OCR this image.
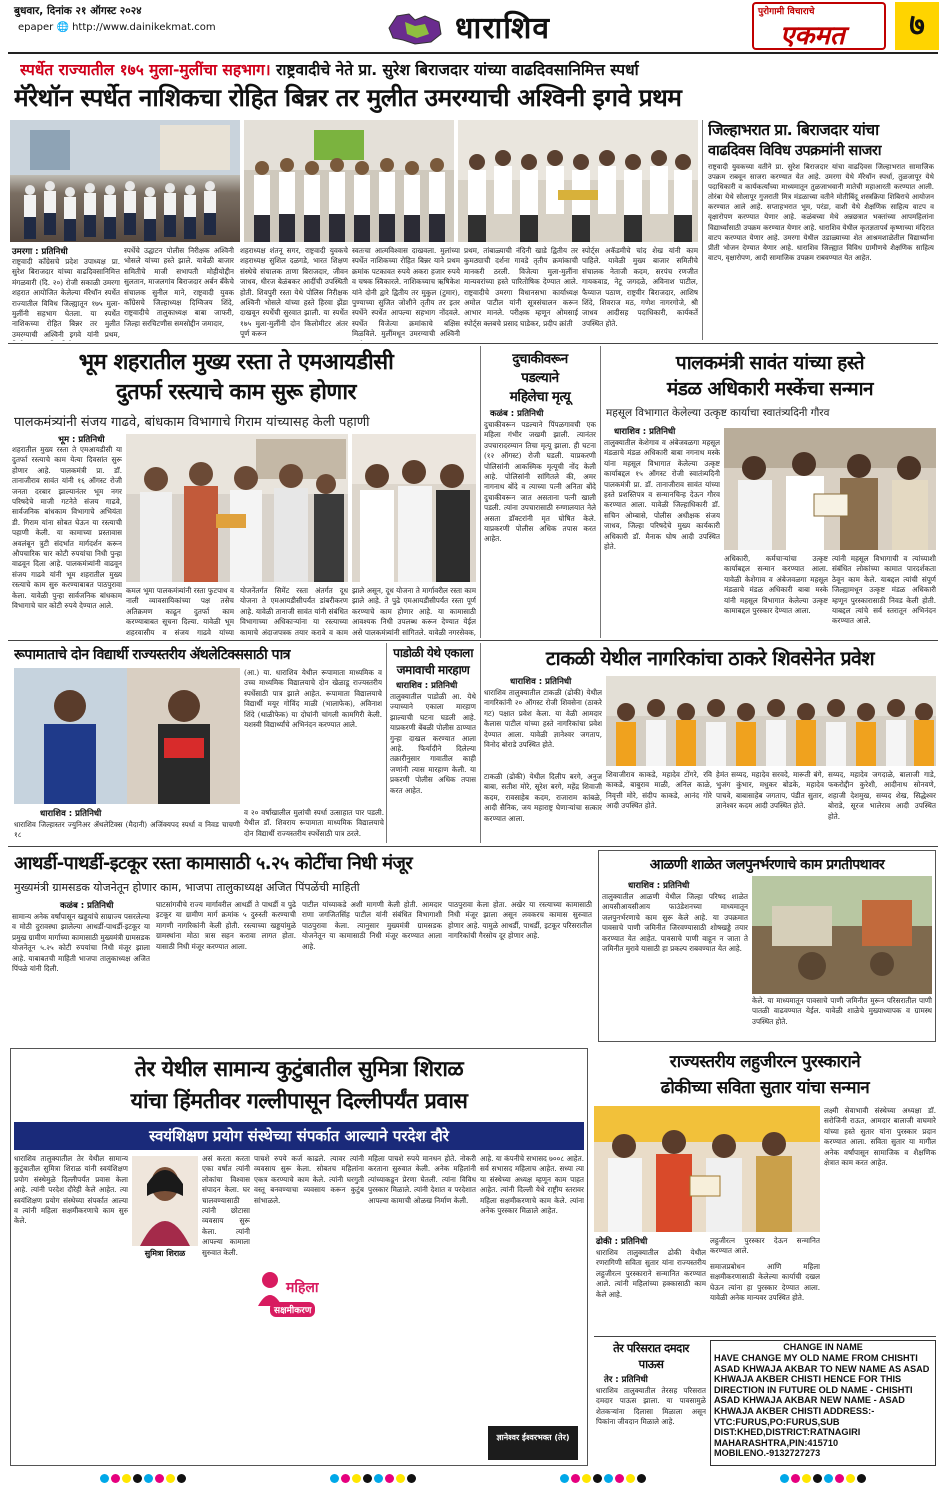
बुधवार, दिनांक २१ ऑगस्ट २०२४
epaper 🌐 http://www.dainikekmat.com	धाराशिव	पुरोगामी विचाराचे
एकमत	७
स्पर्धेत राज्यातील १७५ मुला-मुलींचा सहभाग। राष्ट्रवादीचे नेते प्रा. सुरेश बिराजदार यांच्या वाढदिवसानिमित्त स्पर्धा
मॅरेथॉन स्पर्धेत नाशिकचा रोहित बिन्नर तर मुलीत उमरग्याची अश्विनी इगवे प्रथम
जिल्हाभरात प्रा. बिराजदार यांचा
वाढदिवस विविध उपक्रमांनी साजरा
राष्ट्रवादी युवकच्या वतीने प्रा. सुरेश बिराजदार यांचा वाढदिवस जिल्हाभरात सामाजिक उपक्रम राबवून साजरा करण्यात येत आहे. उमरगा येथे मॅरेथॉन स्पर्धा, तुळजापूर येथे पदाधिकारी व कार्यकर्त्यांच्या माध्यमातून तुळजाभवानी मातेची महाआरती करण्यात आली. तोरंबा येथे सोलापूर गुजराती मित्र मंडळाच्या वतीने मोतीबिंदू शस्त्रक्रिया शिबिराचे आयोजन करण्यात आले आहे. सप्ताहभरात भूम, परंडा, वाशी येथे शैक्षणिक साहित्य वाटप व वृक्षारोपण करण्यात येणार आहे. कळंबच्या मेथे अन्नछत्रात भक्तांच्या आपमहिलांना विद्यार्थ्यांसाठी उपक्रम करण्यात येणार आहे. धाराशिव येथील कृतज्ञतापर्व कृष्णाच्या मंदिरात वाटप करण्यात येणार आहे. उमरगा येथील उडाळ्याच्या शेत आश्रमशाळेतील विद्यार्थ्यांना प्रीती भोजन देण्यात येणार आहे. धाराशिव जिल्ह्यात विविध ग्रामीणचे शैक्षणिक साहित्य वाटप, वृक्षारोपण, आदी सामाजिक उपक्रम राबवण्यात येत आहेत.
उमरगा : प्रतिनिधी
राष्ट्रवादी काँग्रेसचे प्रदेश उपाध्यक्ष प्रा. सुरेश बिराजदार यांच्या वाढदिवसानिमित्त मंगळवारी (दि. २०) रोजी सकाळी उमरगा शहरात आयोजित केलेल्या मॅरेथॉन स्पर्धेत राज्यातील विविध जिल्ह्यातून १७५ मुला-मुलींनी सहभाग घेतला. या स्पर्धेत नाशिकच्या रोहित बिन्नर तर मुलीत उमरग्याची अश्विनी इगवे यांनी प्रथम,
स्पर्धेचे उद्घाटन पोलीस निरीक्षक अश्विनी भोसले यांच्या हस्ते झाले. यावेळी बाजार समितीचे माजी सभापती मोहीयोद्दीन सुलतान, माजलगांव बिराजदार अर्बन बँकेचे संचालक सुनील माने, राष्ट्रवादी युवक काँग्रेसचे जिल्हाध्यक्ष दिग्विजय शिंदे, राष्ट्रवादीचे तालुकाध्यक्ष बाबा जाफरी, जिल्हा सरचिटणीस समसोद्दीन जमादार,
शहराध्यक्ष शंतनू सगर, राष्ट्रवादी युवकचे शहराध्यक्ष सुशिल दळगडे, भारत शिक्षण संस्थेचे संचालक ताणा बिराजदार, जीवन जाधव, धीरज बेळंबकर आदींची उपस्थिती होती. शिवपुरी रस्ता येथे पोलिस निरीक्षक अश्विनी भोसले यांच्या हस्ते हिरवा झेंडा दाखवून स्पर्धेची सुरवात झाली. या स्पर्धेत १७५ मुला-मुलींनी दोन किलोमीटर अंतर पूर्ण करून
स्वतःचा आत्मविश्वास दाखवला. मुलांच्या स्पर्धेत नाशिकच्या रोहित बिन्नर याने प्रथम क्रमांक पटकावत रुपये अकरा हजार रुपये व चषक स्विकारले. नाशिकच्याच ऋषिकेश यांने दोनी द्वारे द्वितीय तर मुकुल (टुमार), पुण्याच्या सुजित जोशीने तृतीय तर इतर स्पर्धेने स्पर्धेत आपल्या सहभाग नोंदवले. स्पर्धेत विजेत्या क्रमांकाचे बक्षिस मिळविले. मुलींमधून उमरग्याची अश्विनी
प्रथम, तांबाळ्याची नंदिनी खाडे द्वितीय तर कुमठ्याची दर्शना गावडे तृतीय क्रमांकाची मानकरी ठरली. विजेत्या मुला-मुलींना मान्यवरांच्या हस्ते पारितोषिक देण्यात आले. राष्ट्रवादीचे उमरगा विधानसभा कार्याध्यक्ष अमोल पाटील यांनी सूत्रसंचालन करून आभार मानले. परीक्षक म्हणून ओमसाई स्पोर्ट्स क्लबचे प्रसाद घाडेकर, प्रदीप क्रांती
स्पोर्ट्स अकॅडमीचे चांद शेख यांनी काम पाहिले. यावेळी मुख्य बाजार समितीचे संचालक नेताजी कदम, सरपंच रणजीत गायकवाड, नेटू जगदळे, अविनाश पाटील, फैय्याज पठाण, राष्ट्रवीर बिराजदार, आशिष शिंदे, शिवराज मठ, गणेश नागरगोजे, श्री जाधव आदीसह पदाधिकारी, कार्यकर्ते उपस्थित होते.
भूम शहरातील मुख्य रस्ता ते एमआयडीसी
दुतर्फा रस्त्याचे काम सुरू होणार
पालकमंत्र्यांनी संजय गाढवे, बांधकाम विभागाचे गिराम यांच्यासह केली पहाणी
भूम : प्रतिनिधी
शहरातील मुख्य रस्ता ते एमआयडीसी या दुतर्फा रस्त्याचे काम येत्या दिवसांत सुरू होणार आहे. पालकमंत्री प्रा. डॉ. तानाजीराव सावंत यांनी १६ ऑगस्ट रोजी जनता दरबार झाल्यानंतर भूम नगर परिषदेचे माजी गटनेते संजय गाढवे, सार्वजनिक बांधकाम विभागाचे अभियंता डी. गिराम यांना सोबत घेऊन या रस्त्याची पहाणी केली. या कामाच्या प्रस्तावास अवलंबून त्रुटी संदर्भात मार्गदर्शन करून औपचारिक चार कोटी रुपयांचा निधी पुन्हा वाढवून दिला आहे. पालकमंत्र्यांनी वाढवून संजय गाढवे यांनी भूम शहरातील मुख्य रस्त्याचे काम सुरु करण्याबाबत पाठपुरावा केला. यावेळी पुन्हा सार्वजनिक बांधकाम विभागाचे चार कोटी रुपये देण्यात आले.
कमल भूमा पालकमंत्र्यांनी रस्ता फुटपाथ व नाली व्यावसायिकांच्या पक्ष तसेच अतिक्रमण काढून दुतर्फा काम करण्याबाबत सूचना दिल्या. यावेळी भूम शहरवासीय व संजय गाढवे यांच्या
योजनेंतर्गत सिमेंट रस्ता अंतर्गत दूध योजना ते एमआयडीसीपर्यंत डांबरीकरण आहे. यावेळी तानाजी सावंत यांनी संबंधित विभागाच्या अधिकाऱ्यांना या रस्त्याच्या कामाचे अंदाजपत्रक तयार करावे व काम
झाले असून, दूध योजना ते मार्गावरील रस्ता काम झाले आहे. ते पुढे एमआयडीसीपर्यंत रस्ता पूर्ण करण्याचे काम होणार आहे. या कामासाठी आवश्यक निधी उपलब्ध करून देण्यात येईल असे पालकमंत्र्यांनी सांगितले. यावेळी नगरसेवक,
दुचाकीवरून
पडल्याने
महिलेचा मृत्यू
कळंब : प्रतिनिधी
दुचाकीवरून पडल्याने पिंपळगावची एक महिला गंभीर जखमी झाली. त्यानंतर उपचारादरम्यान तिचा मृत्यू झाला. ही घटना (१२ ऑगस्ट) रोजी घडली. याप्रकरणी पोलिसांनी आकस्मिक मृत्यूची नोंद केली आहे. पोलिसांनी सांगितले की, अमर नागनाथ बोंदे व त्याच्या पत्नी अनिता बोंदे दुचाकीवरून जात असताना पत्नी खाली पडली. त्यांना उपचारासाठी रुग्णालयात नेले असता डॉक्टरांनी मृत घोषित केले. याप्रकरणी पोलीस अधिक तपास करत आहेत.
पालकमंत्री सावंत यांच्या हस्ते
मंडळ अधिकारी मस्केंचा सन्मान
महसूल विभागात केलेल्या उत्कृष्ट कार्याचा स्वातंत्र्यदिनी गौरव
धाराशिव : प्रतिनिधी
तालुक्यातील केशेगाव व अंबेजवळगा महसूल मंडळाचे मंडळ अधिकारी बाबा नगनाथ मस्के यांना महसूल विभागात केलेल्या उत्कृष्ट कार्याबद्दल १५ ऑगस्ट रोजी स्वातंत्र्यदिनी पालकमंत्री प्रा. डॉ. तानाजीराव सावंत यांच्या हस्ते प्रशस्तिपत्र व सन्मानचिन्ह देऊन गौरव करण्यात आला. यावेळी जिल्हाधिकारी डॉ. सचिन ओम्बासे, पोलीस अधीक्षक संजय जाधव, जिल्हा परिषदेचे मुख्य कार्यकारी अधिकारी डॉ. मैनाक घोष आदी उपस्थित होते.
अधिकारी, कर्मचाऱ्यांचा उत्कृष्ट कार्याबद्दल सन्मान करण्यात आला. यावेळी केशेगाव व अंबेजवळगा महसूल मंडळाचे मंडळ अधिकारी बाबा मस्के यांनी महसूल विभागात केलेल्या उत्कृष्ट कामाबद्दल पुरस्कार देण्यात आला.
त्यांनी महसूल विभागाची व त्यांच्याशी संबंधित लोकांच्या कामात पारदर्शकता ठेवून काम केले. याबद्दल त्यांची संपूर्ण जिल्ह्यामधून उत्कृष्ट मंडळ अधिकारी म्हणून पुरस्कारासाठी निवड केली होती. याबद्दल त्यांचे सर्व स्तरातून अभिनंदन करण्यात आले.
रूपामाताचे दोन विद्यार्थी राज्यस्तरीय ॲथलेटिक्ससाठी पात्र
धाराशिव : प्रतिनिधी
धाराशिव जिल्हास्तर ज्युनिअर ॲथलेटिक्स (मैदानी) अजिंक्यपद स्पर्धा व निवड चाचणी १८
व २० वर्षांखालील मुलांची स्पर्धा उत्साहात पार पडली. येथील डॉ. शिवराय रूपामाता माध्यमिक विद्यालयाचे दोन विद्यार्थी राज्यस्तरीय स्पर्धेसाठी पात्र ठरले.
(आ.) या. धाराशिव येथील रूपामाता माध्यमिक व उच्च माध्यमिक विद्यालयाचे दोन खेळाडू राज्यस्तरीय स्पर्धेसाठी पात्र झाले आहेत. रूपामाता विद्यालयाचे विद्यार्थी मयूर गोविंद माळी (भालाफेक), अविनाश शिंदे (थाळीफेक) या दोघांनी चांगली कामगिरी केली. यशस्वी विद्यार्थ्यांचे अभिनंदन करण्यात आले.
पाडोळी येथे एकाला
जमावाची मारहाण
धाराशिव : प्रतिनिधी
तालुक्यातील पाडोळी आ. येथे ज्याच्याने एकाला मारहाण झाल्याची घटना घडली आहे. याप्रकरणी बेंबळी पोलीस ठाण्यात गुन्हा दाखल करण्यात आला आहे. फिर्यादीने दिलेल्या तक्रारीनुसार गावातील काही जणांनी त्यास मारहाण केली. या प्रकरणी पोलीस अधिक तपास करत आहेत.
टाकळी येथील नागरिकांचा ठाकरे शिवसेनेत प्रवेश
धाराशिव : प्रतिनिधी
धाराशिव तालुक्यातील टाकळी (ढोकी) येथील नागरिकांनी २० ऑगस्ट रोजी शिवसेना (ठाकरे गट) पक्षात प्रवेश केला. या वेळी आमदार कैलास पाटील यांच्या हस्ते नागरिकांचा प्रवेश देण्यात आला. यावेळी ज्ञानेश्वर जगताप, विनोद बोराडे उपस्थित होते.
टाकळी (ढोकी) येथील दिलीप बरगे, अनुज बाबा, सतीश मोरे, सूरेश बरगे, महेंद्र शिवाजी कदम, रावसाहेब कदम, राजाराम कांबळे, आदी सैनिक, जय महाराष्ट्र घेणाऱ्यांचा सत्कार करण्यात आला.
शिवाजीराव काकडे, महादेव टोंगरे, रवि काकडे, बाबुराव माळी, अनिल काळे, निवृत्ती मोरे, संदीप काकडे, आनंद गोरे आदी उपस्थित होते.
हेमंत सय्यद, महादेव सरवदे, मारूती बंगे, भुजंग कुंभार, मधुकर बोडके, महादेव पाचवे, बाबासाहेब जगताप, पंडीत सुतार, ज्ञानेश्वर कदम आदी उपस्थित होते.
सय्यद, महादेव जगदाळे, बालाजी गाडे, फकरोद्दीन कुरेशी, आदीनाथ सोनवणे, शहाजी देशमुख, सय्यद शेख, सिद्धेश्वर बोराडे, सूरज भालेराव आदी उपस्थित होते.
आथर्डी-पाथर्डी-इटकूर रस्ता कामासाठी ५.२५ कोटींचा निधी मंजूर
मुख्यमंत्री ग्रामसडक योजनेतून होणार काम, भाजपा तालुकाध्यक्ष अजित पिंपळेंची माहिती
कळंब : प्रतिनिधी
सामान्य अनेक वर्षांपासून खड्डयांचे साम्राज्य पसरलेल्या व मोठी दुरावस्था झालेल्या आथर्डी-पाथर्डी-इटकूर या प्रमुख ग्रामीण मार्गाच्या कामासाठी मुख्यमंत्री ग्रामसडक योजनेतून ५.२५ कोटी रुपयांचा निधी मंजूर झाला आहे. याबाबतची माहिती भाजपा तालुकाध्यक्ष अजित पिंपळे यांनी दिली.
घाटसांगवीचे राज्य मार्गावरील आथर्डी ते पाथर्डी व पुढे इटकूर या ग्रामीण मार्ग क्रमांक ५ दुरुस्ती करण्याची मागणी नागरिकांनी केली होती. रस्त्याच्या खड्डयांमुळे ग्रामस्थांना मोठा त्रास सहन करावा लागत होता. यासाठी निधी मंजूर करण्यात आला.
पाटील यांच्याकडे अशी मागणी केली होती. आमदार राणा जगजितसिंह पाटील यांनी संबंधित विभागाशी पाठपुरावा केला. त्यानुसार मुख्यमंत्री ग्रामसडक योजनेतून या कामासाठी निधी मंजूर करण्यात आला आहे.
पाठपुरावा केला होता. अखेर या रस्त्याच्या कामासाठी निधी मंजूर झाला असून लवकरच कामास सुरुवात होणार आहे. यामुळे आथर्डी, पाथर्डी, इटकूर परिसरातील नागरिकांची गैरसोय दूर होणार आहे.
आळणी शाळेत जलपुनर्भरणाचे काम प्रगतीपथावर
धाराशिव : प्रतिनिधी
तालुक्यातील आळणी येथील जिल्हा परिषद शाळेत आयसीआयसीआय फाउंडेशनच्या माध्यमातून जलपुनर्भरणाचे काम सुरू केले आहे. या उपक्रमात पावसाचे पाणी जमिनीत जिरवण्यासाठी शोषखड्डे तयार करण्यात येत आहेत. पावसाचे पाणी वाहून न जाता ते जमिनीत मुरावे यासाठी हा प्रकल्प राबवण्यात येत आहे.
केले. या माध्यमातून पावसाचे पाणी जमिनीत मुरून परिसरातील पाणी पातळी वाढवण्यात येईल. यावेळी शाळेचे मुख्याध्यापक व ग्रामस्थ उपस्थित होते.
तेर येथील सामान्य कुटुंबातील सुमित्रा शिराळ
यांचा हिंमतीवर गल्लीपासून दिल्लीपर्यंत प्रवास
स्वयंशिक्षण प्रयोग संस्थेच्या संपर्कात आल्याने परदेश दौरे
धाराशिव तालुक्यातील तेर येथील सामान्य कुटुंबातील सुमित्रा शिराळ यांनी स्वयंशिक्षण प्रयोग संस्थेमुळे दिल्लीपर्यंत प्रवास केला आहे. त्यांनी परदेश दौरेही केले आहेत. त्या स्वयंशिक्षण प्रयोग संस्थेच्या संपर्कात आल्या व त्यांनी महिला सक्षमीकरणाचे काम सुरु केले.
सुमित्रा शिराळ
असं करता करता एका वर्षात त्यांनी लोकांचा विश्वास संपादन केला. घर चालवण्यासाठी त्यांनी छोटासा व्यवसाय सुरू केला. त्यांनी आपल्या कामाला सुरुवात केली.
महिला
सक्षमीकरण
पाचशे रुपये कर्ज काढले. त्यावर त्यांनी व्यवसाय सुरू केला. सोबतच महिलांना एकत्र करण्याचे काम केले. त्यांनी घरगुती वस्तू बनवण्याचा व्यवसाय करून कुटुंब सांभाळले.
महिला पाचशे रुपये मानधन होते. नोकरी करताना सुरुवात केली. अनेक महिलांनी त्यांच्याकडून प्रेरणा घेतली. त्यांना विविध पुरस्कार मिळाले. त्यांनी देशात व परदेशात आपल्या कामाची ओळख निर्माण केली.
आहे. या कंपनीचे सभासद ७००८ आहेत. सर्व सभासद महिलाच आहेत. सध्या त्या या संस्थेच्या अध्यक्ष म्हणून काम पाहत आहेत. त्यांनी दिल्ली येथे राष्ट्रीय स्तरावर महिला सक्षमीकरणाचे काम केले. त्यांना अनेक पुरस्कार मिळाले आहेत.
ज्ञानेश्वर ईश्वरभक्त (तेर)
राज्यस्तरीय लहुजीरत्न पुरस्काराने
ढोकीच्या सविता सुतार यांचा सन्मान
ढोकी : प्रतिनिधी	लहुजीरत्न पुरस्कार देऊन सन्मानित करण्यात आले.
धाराशिव तालुक्यातील ढोकी येथील रणरागिणी सविता सुतार यांना राज्यस्तरीय लहुजीरत्न पुरस्काराने सन्मानित करण्यात आले. त्यांनी महिलांच्या हक्कासाठी काम केले आहे.
समाजप्रबोधन आणि महिला सक्षमीकरणासाठी केलेल्या कार्याची दखल घेऊन त्यांना हा पुरस्कार देण्यात आला. यावेळी अनेक मान्यवर उपस्थित होते.
लक्ष्मी सेवाभावी संस्थेच्या अध्यक्षा डॉ. सरोजिनी राऊत, आमदार बालाजी वाघमारे यांच्या हस्ते सुतार यांना पुरस्कार प्रदान करण्यात आला. सविता सुतार या मागील अनेक वर्षांपासून सामाजिक व शैक्षणिक क्षेत्रात काम करत आहेत.
तेर परिसरात दमदार
पाऊस
तेर : प्रतिनिधी
धाराशिव तालुक्यातील तेरसह परिसरात दमदार पाऊस झाला. या पावसामुळे शेतकऱ्यांना दिलासा मिळाला असून पिकांना जीवदान मिळाले आहे.
CHANGE IN NAME
HAVE CHANGE MY OLD NAME FROM CHISHTI ASAD KHWAJA AKBAR TO NEW NAME AS ASAD KHWAJA AKBER CHISTI HENCE FOR THIS DIRECTION IN FUTURE OLD NAME - CHISHTI ASAD KHWAJA AKBAR NEW NAME - ASAD KHWAJA AKBER CHISTI ADDRESS:-VTC:FURUS,PO:FURUS,SUB DIST:KHED,DISTRICT:RATNAGIRI MAHARASHTRA,PIN:415710 MOBILENO.-9132727273
